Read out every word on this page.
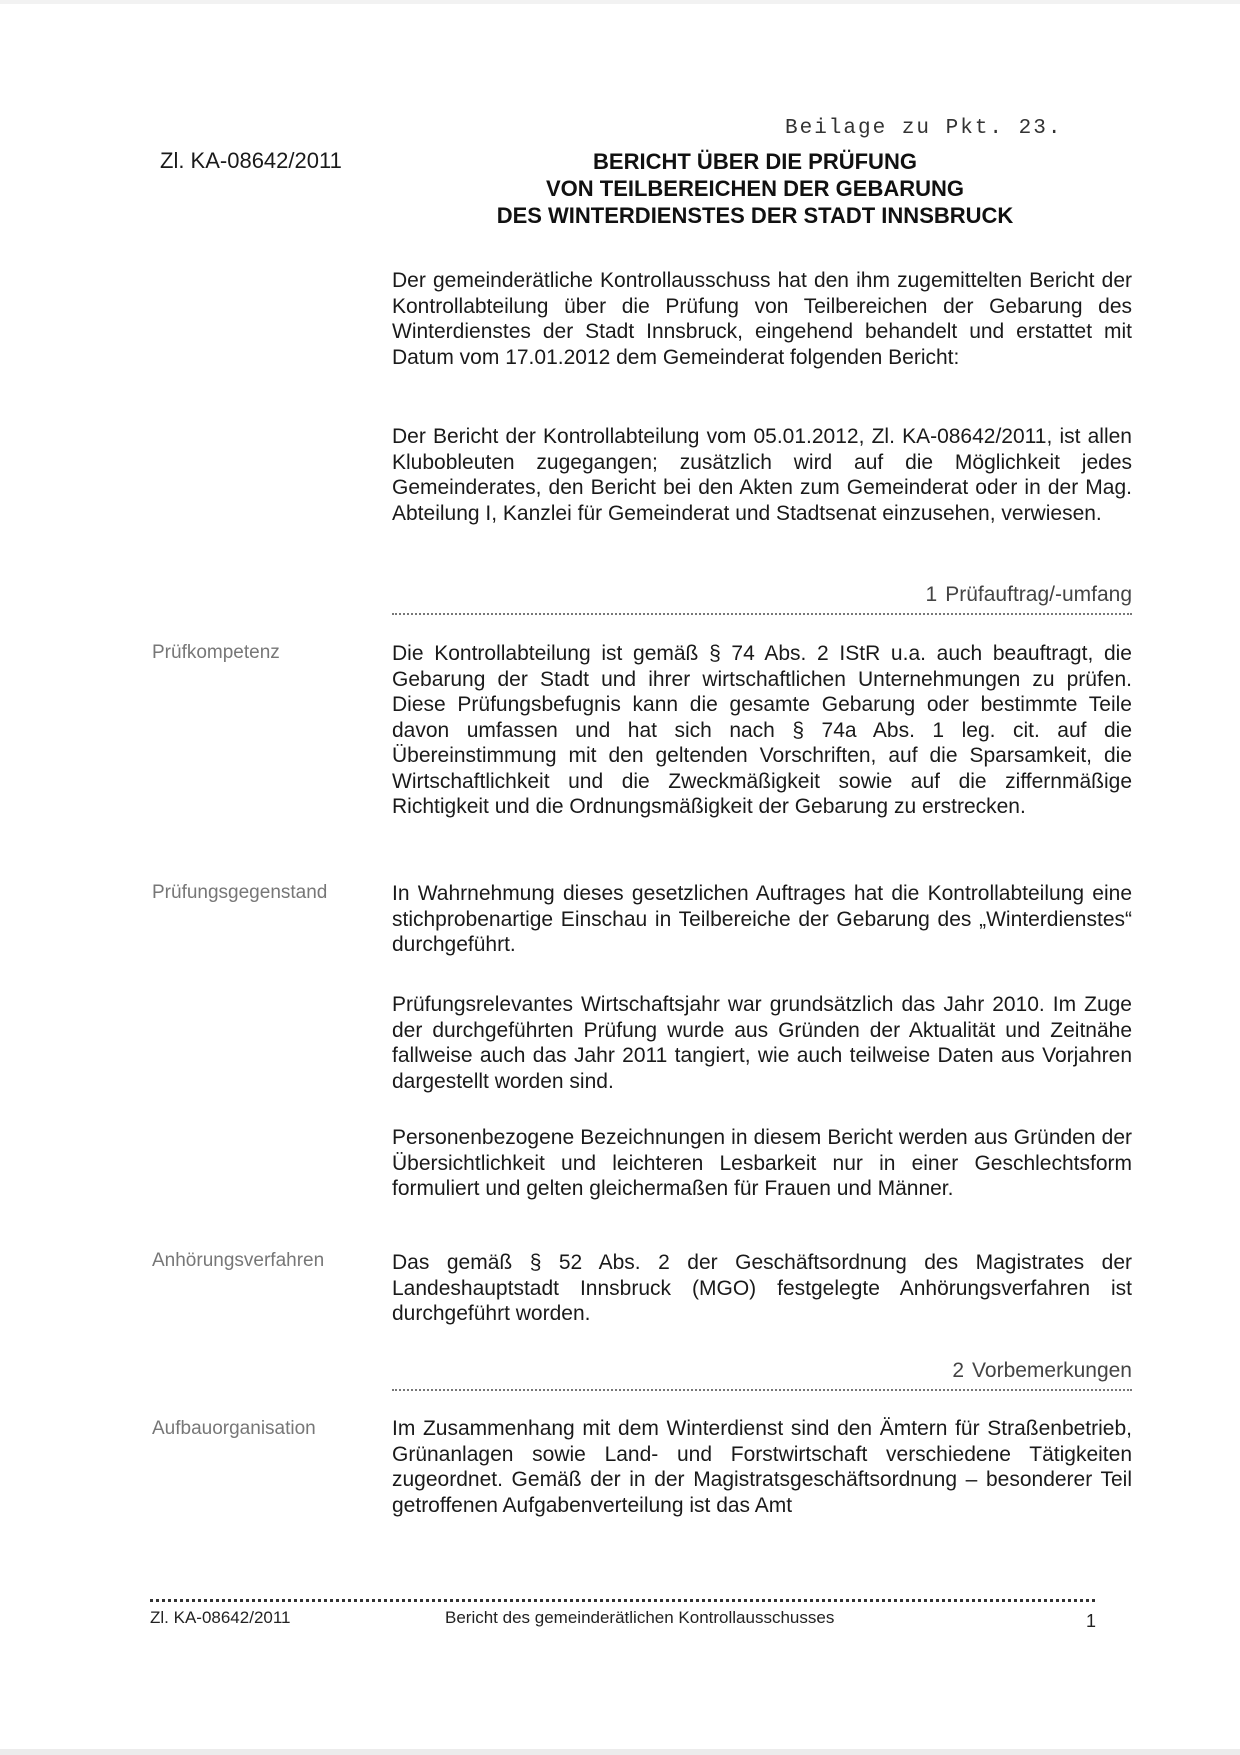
Beilage zu Pkt. 23.
Zl. KA-08642/2011	BERICHT ÜBER DIE PRÜFUNG
VON TEILBEREICHEN DER GEBARUNG
DES WINTERDIENSTES DER STADT INNSBRUCK
Der gemeinderätliche Kontrollausschuss hat den ihm zugemittelten Bericht der Kontrollabteilung über die Prüfung von Teilbereichen der Gebarung des Winterdienstes der Stadt Innsbruck, eingehend behandelt und erstattet mit Datum vom 17.01.2012 dem Gemeinderat folgenden Bericht:
Der Bericht der Kontrollabteilung vom 05.01.2012, Zl. KA-08642/2011, ist allen Klubobleuten zugegangen; zusätzlich wird auf die Möglichkeit jedes Gemeinderates, den Bericht bei den Akten zum Gemeinderat oder in der Mag. Abteilung I, Kanzlei für Gemeinderat und Stadtsenat einzusehen, verwiesen.
1 Prüfauftrag/-umfang
Prüfkompetenz	Die Kontrollabteilung ist gemäß § 74 Abs. 2 IStR u.a. auch beauftragt, die Gebarung der Stadt und ihrer wirtschaftlichen Unternehmungen zu prüfen. Diese Prüfungsbefugnis kann die gesamte Gebarung oder bestimmte Teile davon umfassen und hat sich nach § 74a Abs. 1 leg. cit. auf die Übereinstimmung mit den geltenden Vorschriften, auf die Sparsamkeit, die Wirtschaftlichkeit und die Zweckmäßigkeit sowie auf die ziffernmäßige Richtigkeit und die Ordnungsmäßigkeit der Gebarung zu erstrecken.
Prüfungsgegenstand	In Wahrnehmung dieses gesetzlichen Auftrages hat die Kontrollabteilung eine stichprobenartige Einschau in Teilbereiche der Gebarung des „Winterdienstes“ durchgeführt.
Prüfungsrelevantes Wirtschaftsjahr war grundsätzlich das Jahr 2010. Im Zuge der durchgeführten Prüfung wurde aus Gründen der Aktualität und Zeitnähe fallweise auch das Jahr 2011 tangiert, wie auch teilweise Daten aus Vorjahren dargestellt worden sind.
Personenbezogene Bezeichnungen in diesem Bericht werden aus Gründen der Übersichtlichkeit und leichteren Lesbarkeit nur in einer Geschlechtsform formuliert und gelten gleichermaßen für Frauen und Männer.
Anhörungsverfahren	Das gemäß § 52 Abs. 2 der Geschäftsordnung des Magistrates der Landeshauptstadt Innsbruck (MGO) festgelegte Anhörungsverfahren ist durchgeführt worden.
2 Vorbemerkungen
Aufbauorganisation	Im Zusammenhang mit dem Winterdienst sind den Ämtern für Straßenbetrieb, Grünanlagen sowie Land- und Forstwirtschaft verschiedene Tätigkeiten zugeordnet. Gemäß der in der Magistratsgeschäftsordnung – besonderer Teil getroffenen Aufgabenverteilung ist das Amt
Zl. KA-08642/2011	Bericht des gemeinderätlichen Kontrollausschusses	1
